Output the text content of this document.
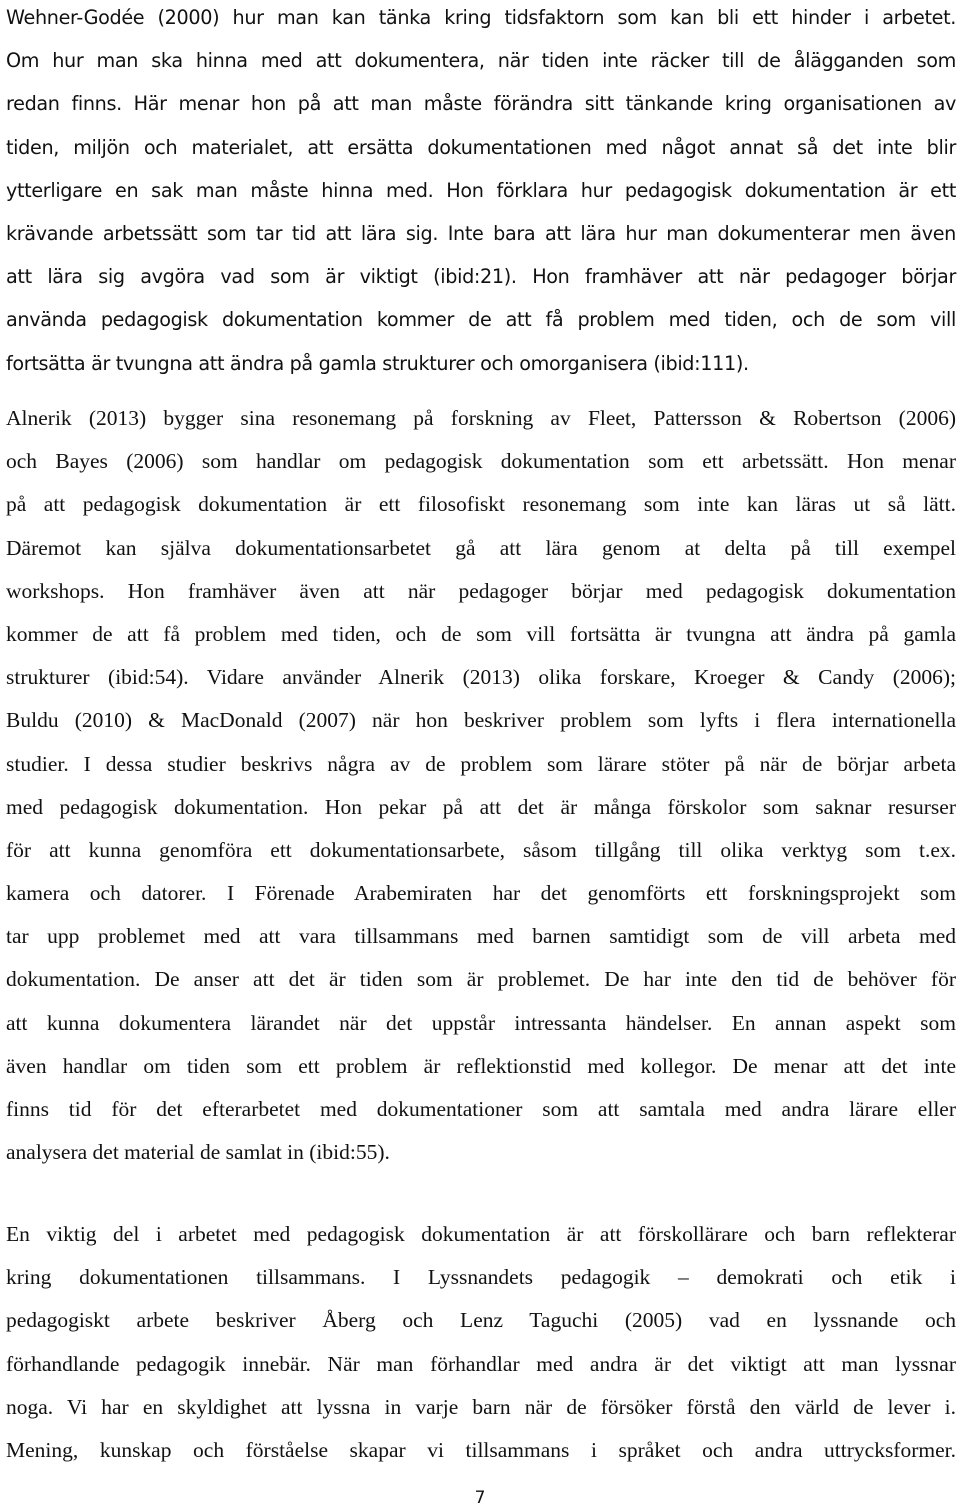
Wehner-Godée (2000) hur man kan tänka kring tidsfaktorn som kan bli ett hinder i arbetet.
Om hur man ska hinna med att dokumentera, när tiden inte räcker till de ålägganden som
redan finns. Här menar hon på att man måste förändra sitt tänkande kring organisationen av
tiden, miljön och materialet, att ersätta dokumentationen med något annat så det inte blir
ytterligare en sak man måste hinna med. Hon förklara hur pedagogisk dokumentation är ett
krävande arbetssätt som tar tid att lära sig. Inte bara att lära hur man dokumenterar men även
att lära sig avgöra vad som är viktigt (ibid:21). Hon framhäver att när pedagoger börjar
använda pedagogisk dokumentation kommer de att få problem med tiden, och de som vill
fortsätta är tvungna att ändra på gamla strukturer och omorganisera (ibid:111).
Alnerik (2013) bygger sina resonemang på forskning av Fleet, Pattersson & Robertson (2006)
och Bayes (2006) som handlar om pedagogisk dokumentation som ett arbetssätt. Hon menar
på att pedagogisk dokumentation är ett filosofiskt resonemang som inte kan läras ut så lätt.
Däremot kan själva dokumentationsarbetet gå att lära genom at delta på till exempel
workshops. Hon framhäver även att när pedagoger börjar med pedagogisk dokumentation
kommer de att få problem med tiden, och de som vill fortsätta är tvungna att ändra på gamla
strukturer (ibid:54). Vidare använder Alnerik (2013) olika forskare, Kroeger & Candy (2006);
Buldu (2010) & MacDonald (2007) när hon beskriver problem som lyfts i flera internationella
studier. I dessa studier beskrivs några av de problem som lärare stöter på när de börjar arbeta
med pedagogisk dokumentation. Hon pekar på att det är många förskolor som saknar resurser
för att kunna genomföra ett dokumentationsarbete, såsom tillgång till olika verktyg som t.ex.
kamera och datorer. I Förenade Arabemiraten har det genomförts ett forskningsprojekt som
tar upp problemet med att vara tillsammans med barnen samtidigt som de vill arbeta med
dokumentation. De anser att det är tiden som är problemet. De har inte den tid de behöver för
att kunna dokumentera lärandet när det uppstår intressanta händelser. En annan aspekt som
även handlar om tiden som ett problem är reflektionstid med kollegor. De menar att det inte
finns tid för det efterarbetet med dokumentationer som att samtala med andra lärare eller
analysera det material de samlat in (ibid:55).
En viktig del i arbetet med pedagogisk dokumentation är att förskollärare och barn reflekterar
kring dokumentationen tillsammans. I Lyssnandets pedagogik – demokrati och etik i
pedagogiskt arbete beskriver Åberg och Lenz Taguchi (2005) vad en lyssnande och
förhandlande pedagogik innebär. När man förhandlar med andra är det viktigt att man lyssnar
noga. Vi har en skyldighet att lyssna in varje barn när de försöker förstå den värld de lever i.
Mening, kunskap och förståelse skapar vi tillsammans i språket och andra uttrycksformer.
7
